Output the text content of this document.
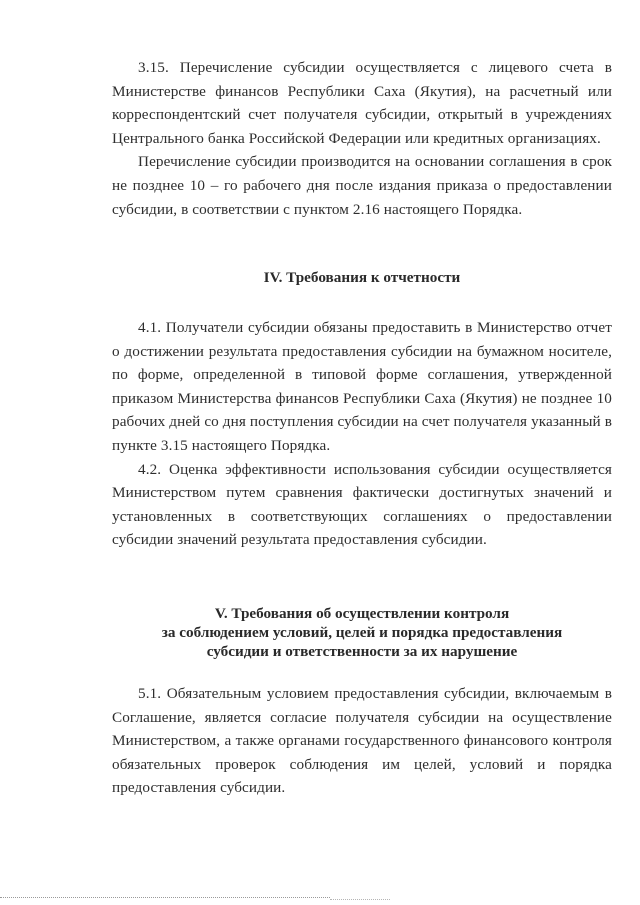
3.15. Перечисление субсидии осуществляется с лицевого счета в Министерстве финансов Республики Саха (Якутия), на расчетный или корреспондентский счет получателя субсидии, открытый в учреждениях Центрального банка Российской Федерации или кредитных организациях.

Перечисление субсидии производится на основании соглашения в срок не позднее 10 – го рабочего дня после издания приказа о предоставлении субсидии, в соответствии с пунктом 2.16 настоящего Порядка.

IV. Требования к отчетности

4.1. Получатели субсидии обязаны предоставить в Министерство отчет о достижении результата предоставления субсидии на бумажном носителе, по форме, определенной в типовой форме соглашения, утвержденной приказом Министерства финансов Республики Саха (Якутия) не позднее 10 рабочих дней со дня поступления субсидии на счет получателя указанный в пункте 3.15 настоящего Порядка.

4.2. Оценка эффективности использования субсидии осуществляется Министерством путем сравнения фактически достигнутых значений и установленных в соответствующих соглашениях о предоставлении субсидии значений результата предоставления субсидии.

V. Требования об осуществлении контроля
за соблюдением условий, целей и порядка предоставления
субсидии и ответственности за их нарушение

5.1. Обязательным условием предоставления субсидии, включаемым в Соглашение, является согласие получателя субсидии на осуществление Министерством, а также органами государственного финансового контроля обязательных проверок соблюдения им целей, условий и порядка предоставления субсидии.
